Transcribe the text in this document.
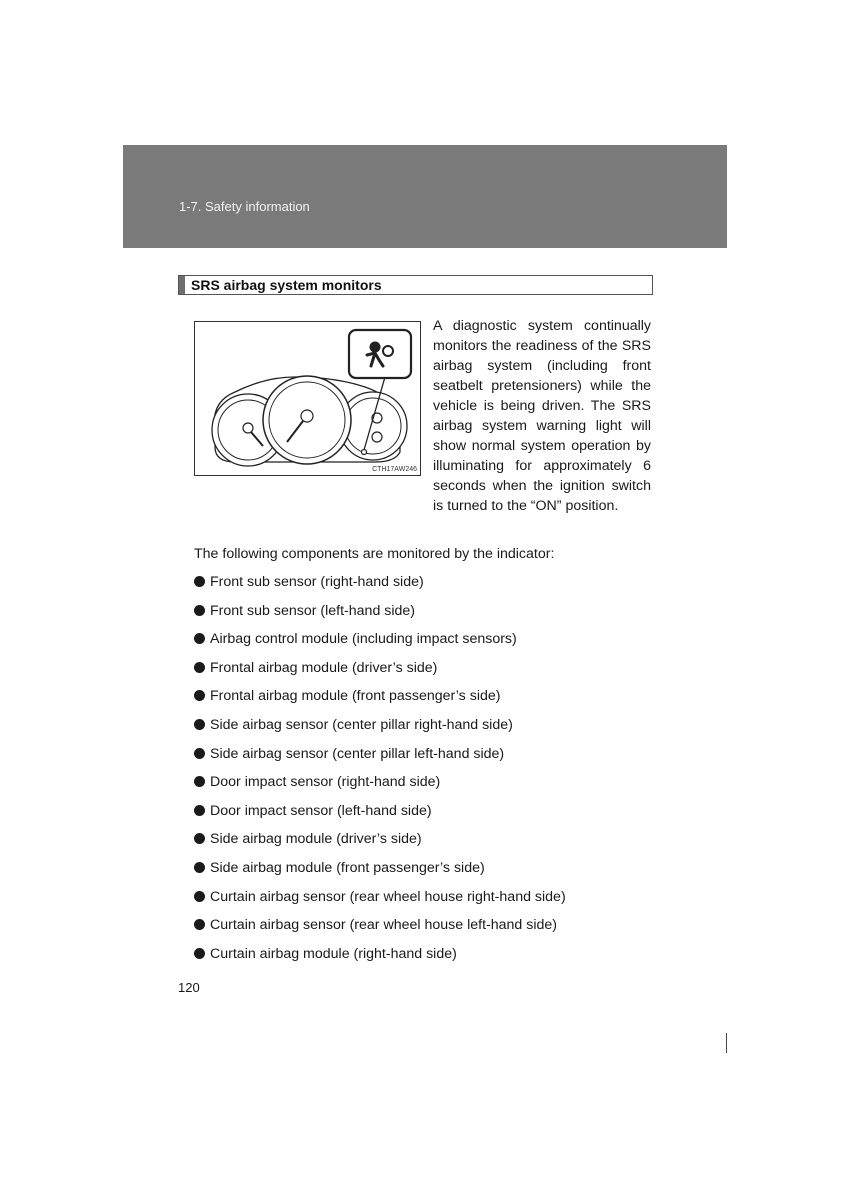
1-7. Safety information
SRS airbag system monitors
CTH17AW246
A diagnostic system continually monitors the readiness of the SRS airbag system (including front seatbelt pretensioners) while the vehicle is being driven. The SRS airbag system warning light will show normal system operation by illuminating for approximately 6 seconds when the ignition switch is turned to the “ON” position.
The following components are monitored by the indicator:
Front sub sensor (right-hand side)
Front sub sensor (left-hand side)
Airbag control module (including impact sensors)
Frontal airbag module (driver’s side)
Frontal airbag module (front passenger’s side)
Side airbag sensor (center pillar right-hand side)
Side airbag sensor (center pillar left-hand side)
Door impact sensor (right-hand side)
Door impact sensor (left-hand side)
Side airbag module (driver’s side)
Side airbag module (front passenger’s side)
Curtain airbag sensor (rear wheel house right-hand side)
Curtain airbag sensor (rear wheel house left-hand side)
Curtain airbag module (right-hand side)
120
